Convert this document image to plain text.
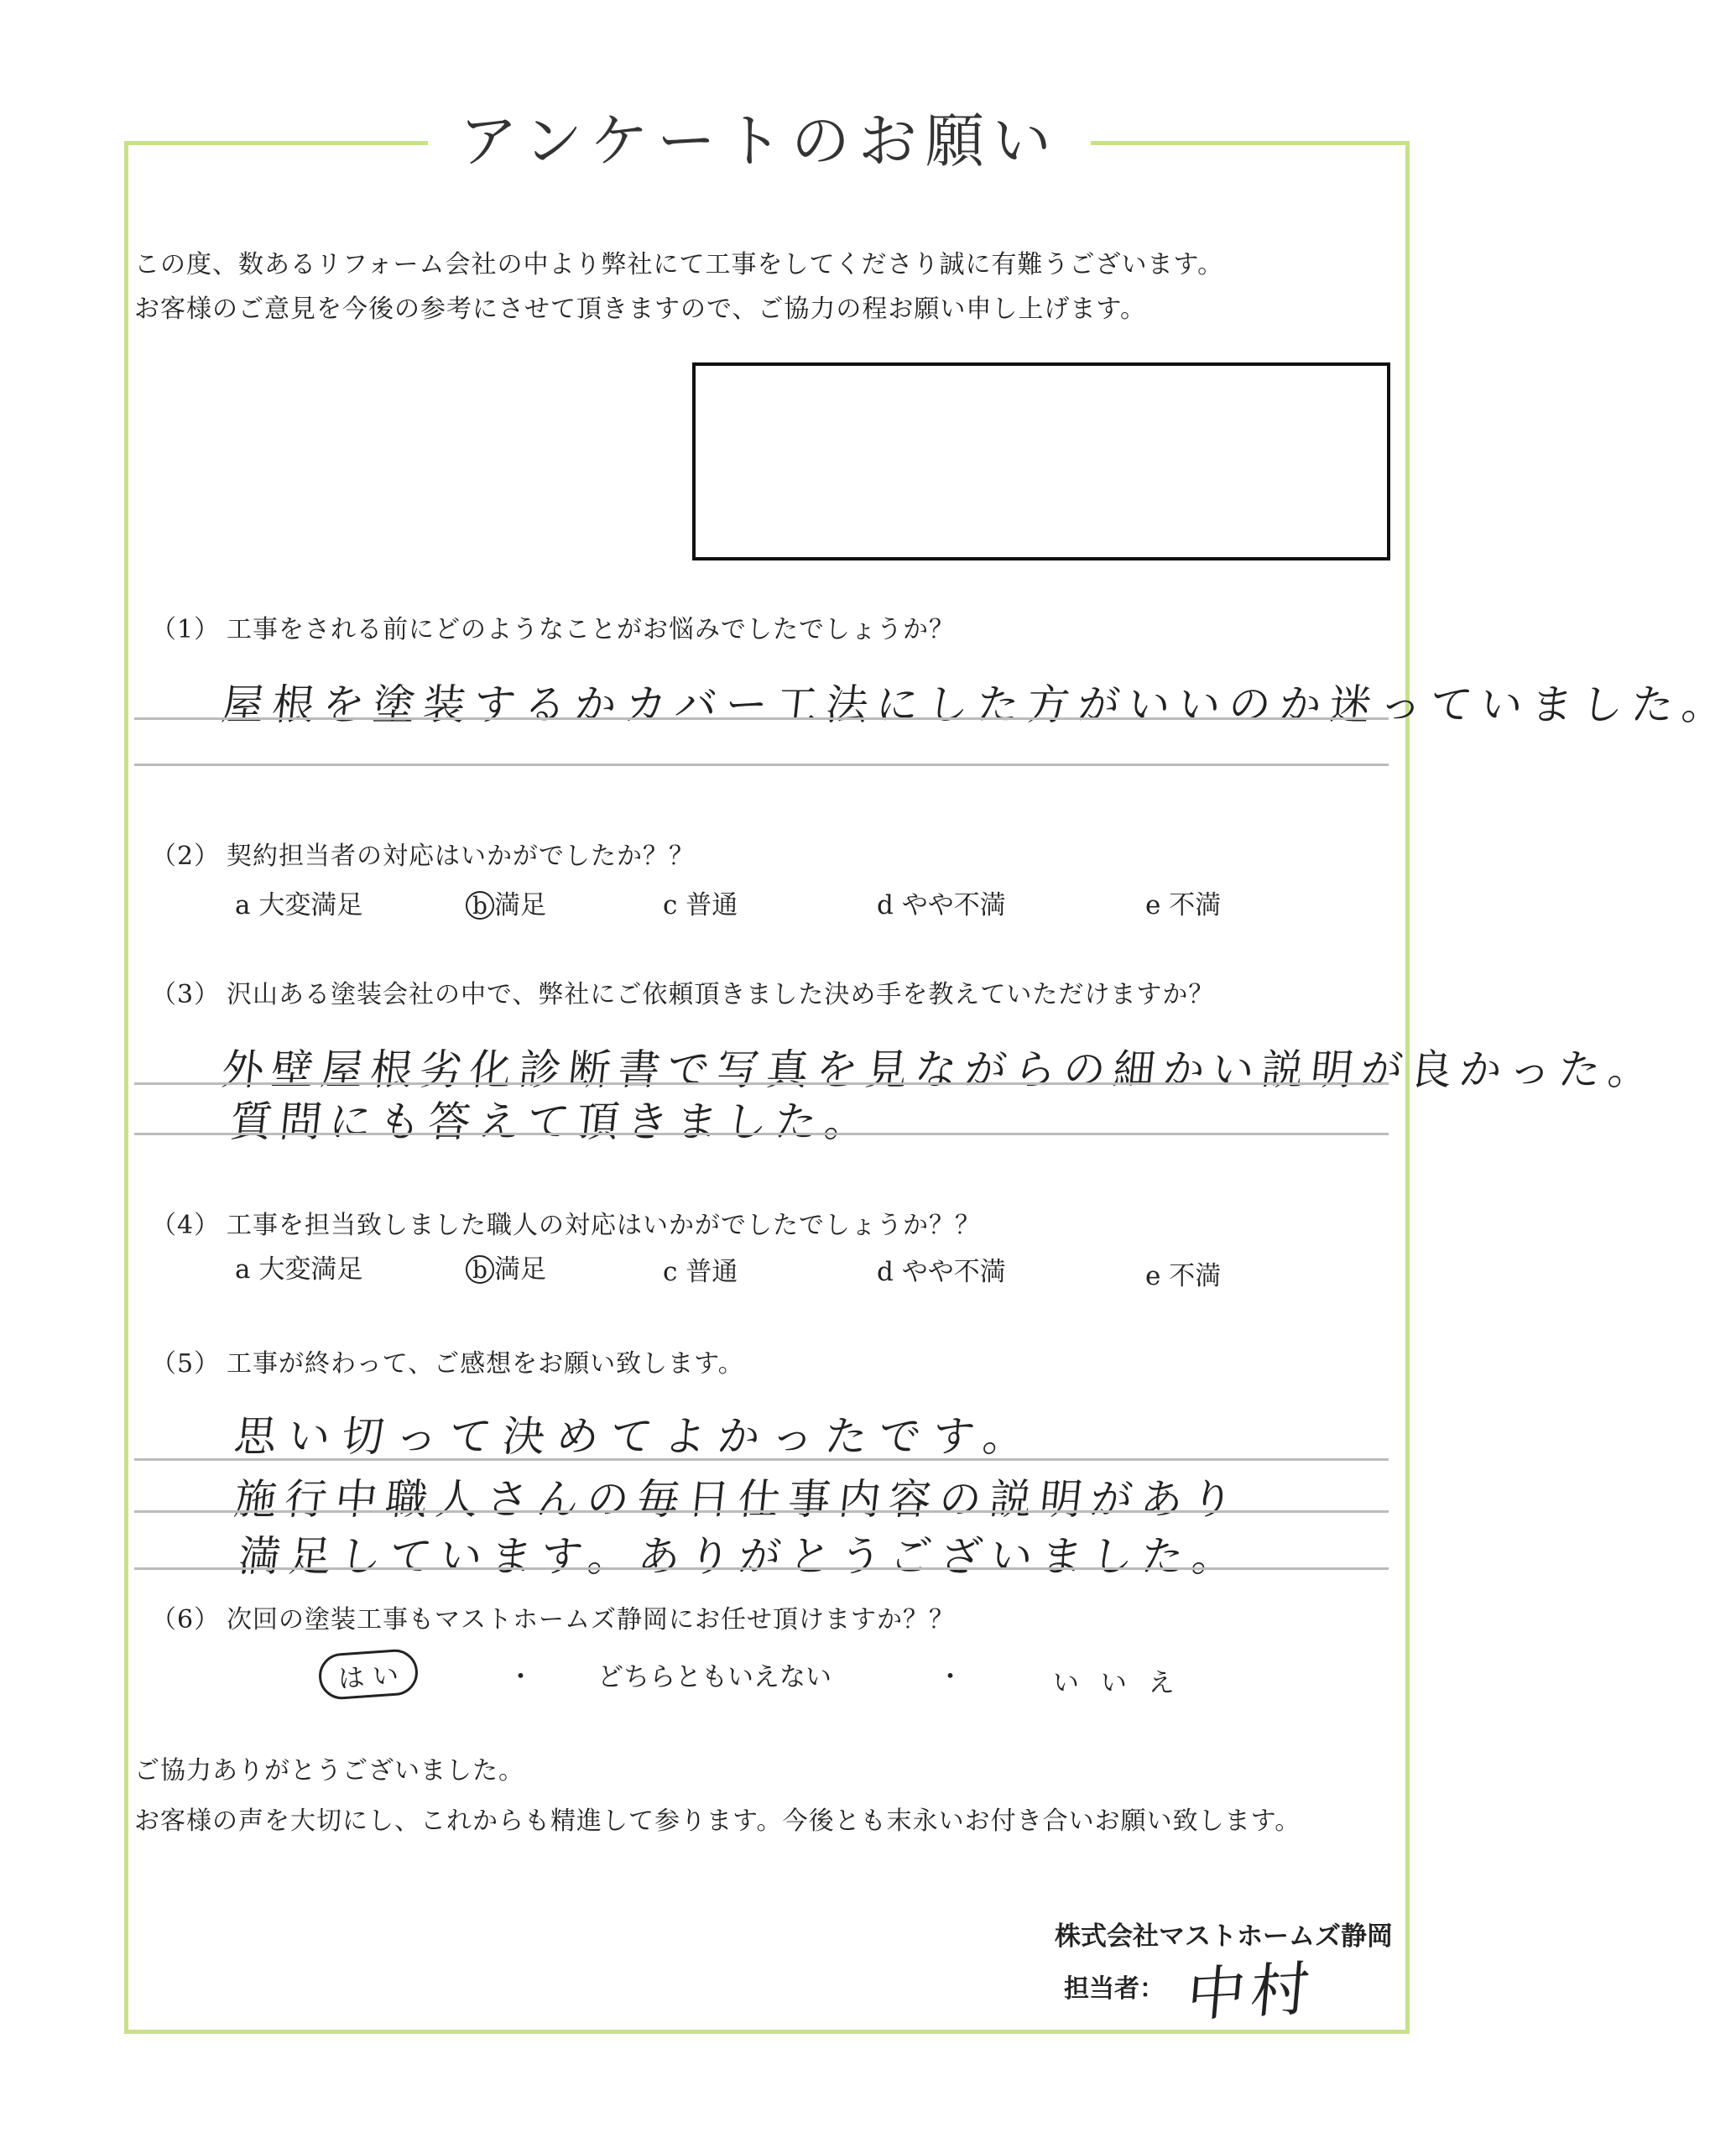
アンケートのお願い
この度、数あるリフォーム会社の中より弊社にて工事をしてくださり誠に有難うございます。
お客様のご意見を今後の参考にさせて頂きますので、ご協力の程お願い申し上げます。
（1） 工事をされる前にどのようなことがお悩みでしたでしょうか？
屋根を塗装するかカバー工法にした方がいいのか迷っていました。
（2） 契約担当者の対応はいかがでしたか？？
a 大変満足	b 満足	c 普通	d やや不満	e 不満
（3） 沢山ある塗装会社の中で、弊社にご依頼頂きました決め手を教えていただけますか？
外壁屋根劣化診断書で写真を見ながらの細かい説明が良かった。
質問にも答えて頂きました。
（4） 工事を担当致しました職人の対応はいかがでしたでしょうか？？
a 大変満足	b 満足	c 普通	d やや不満	e 不満
（5） 工事が終わって、ご感想をお願い致します。
思い切って決めてよかったです。
施行中職人さんの毎日仕事内容の説明があり
満足しています。ありがとうございました。
（6） 次回の塗装工事もマストホームズ静岡にお任せ頂けますか？？
は い	・ どちらともいえない	・	い い え
ご協力ありがとうございました。
お客様の声を大切にし、これからも精進して参ります。今後とも末永いお付き合いお願い致します。
株式会社マストホームズ静岡
担当者： 中村
